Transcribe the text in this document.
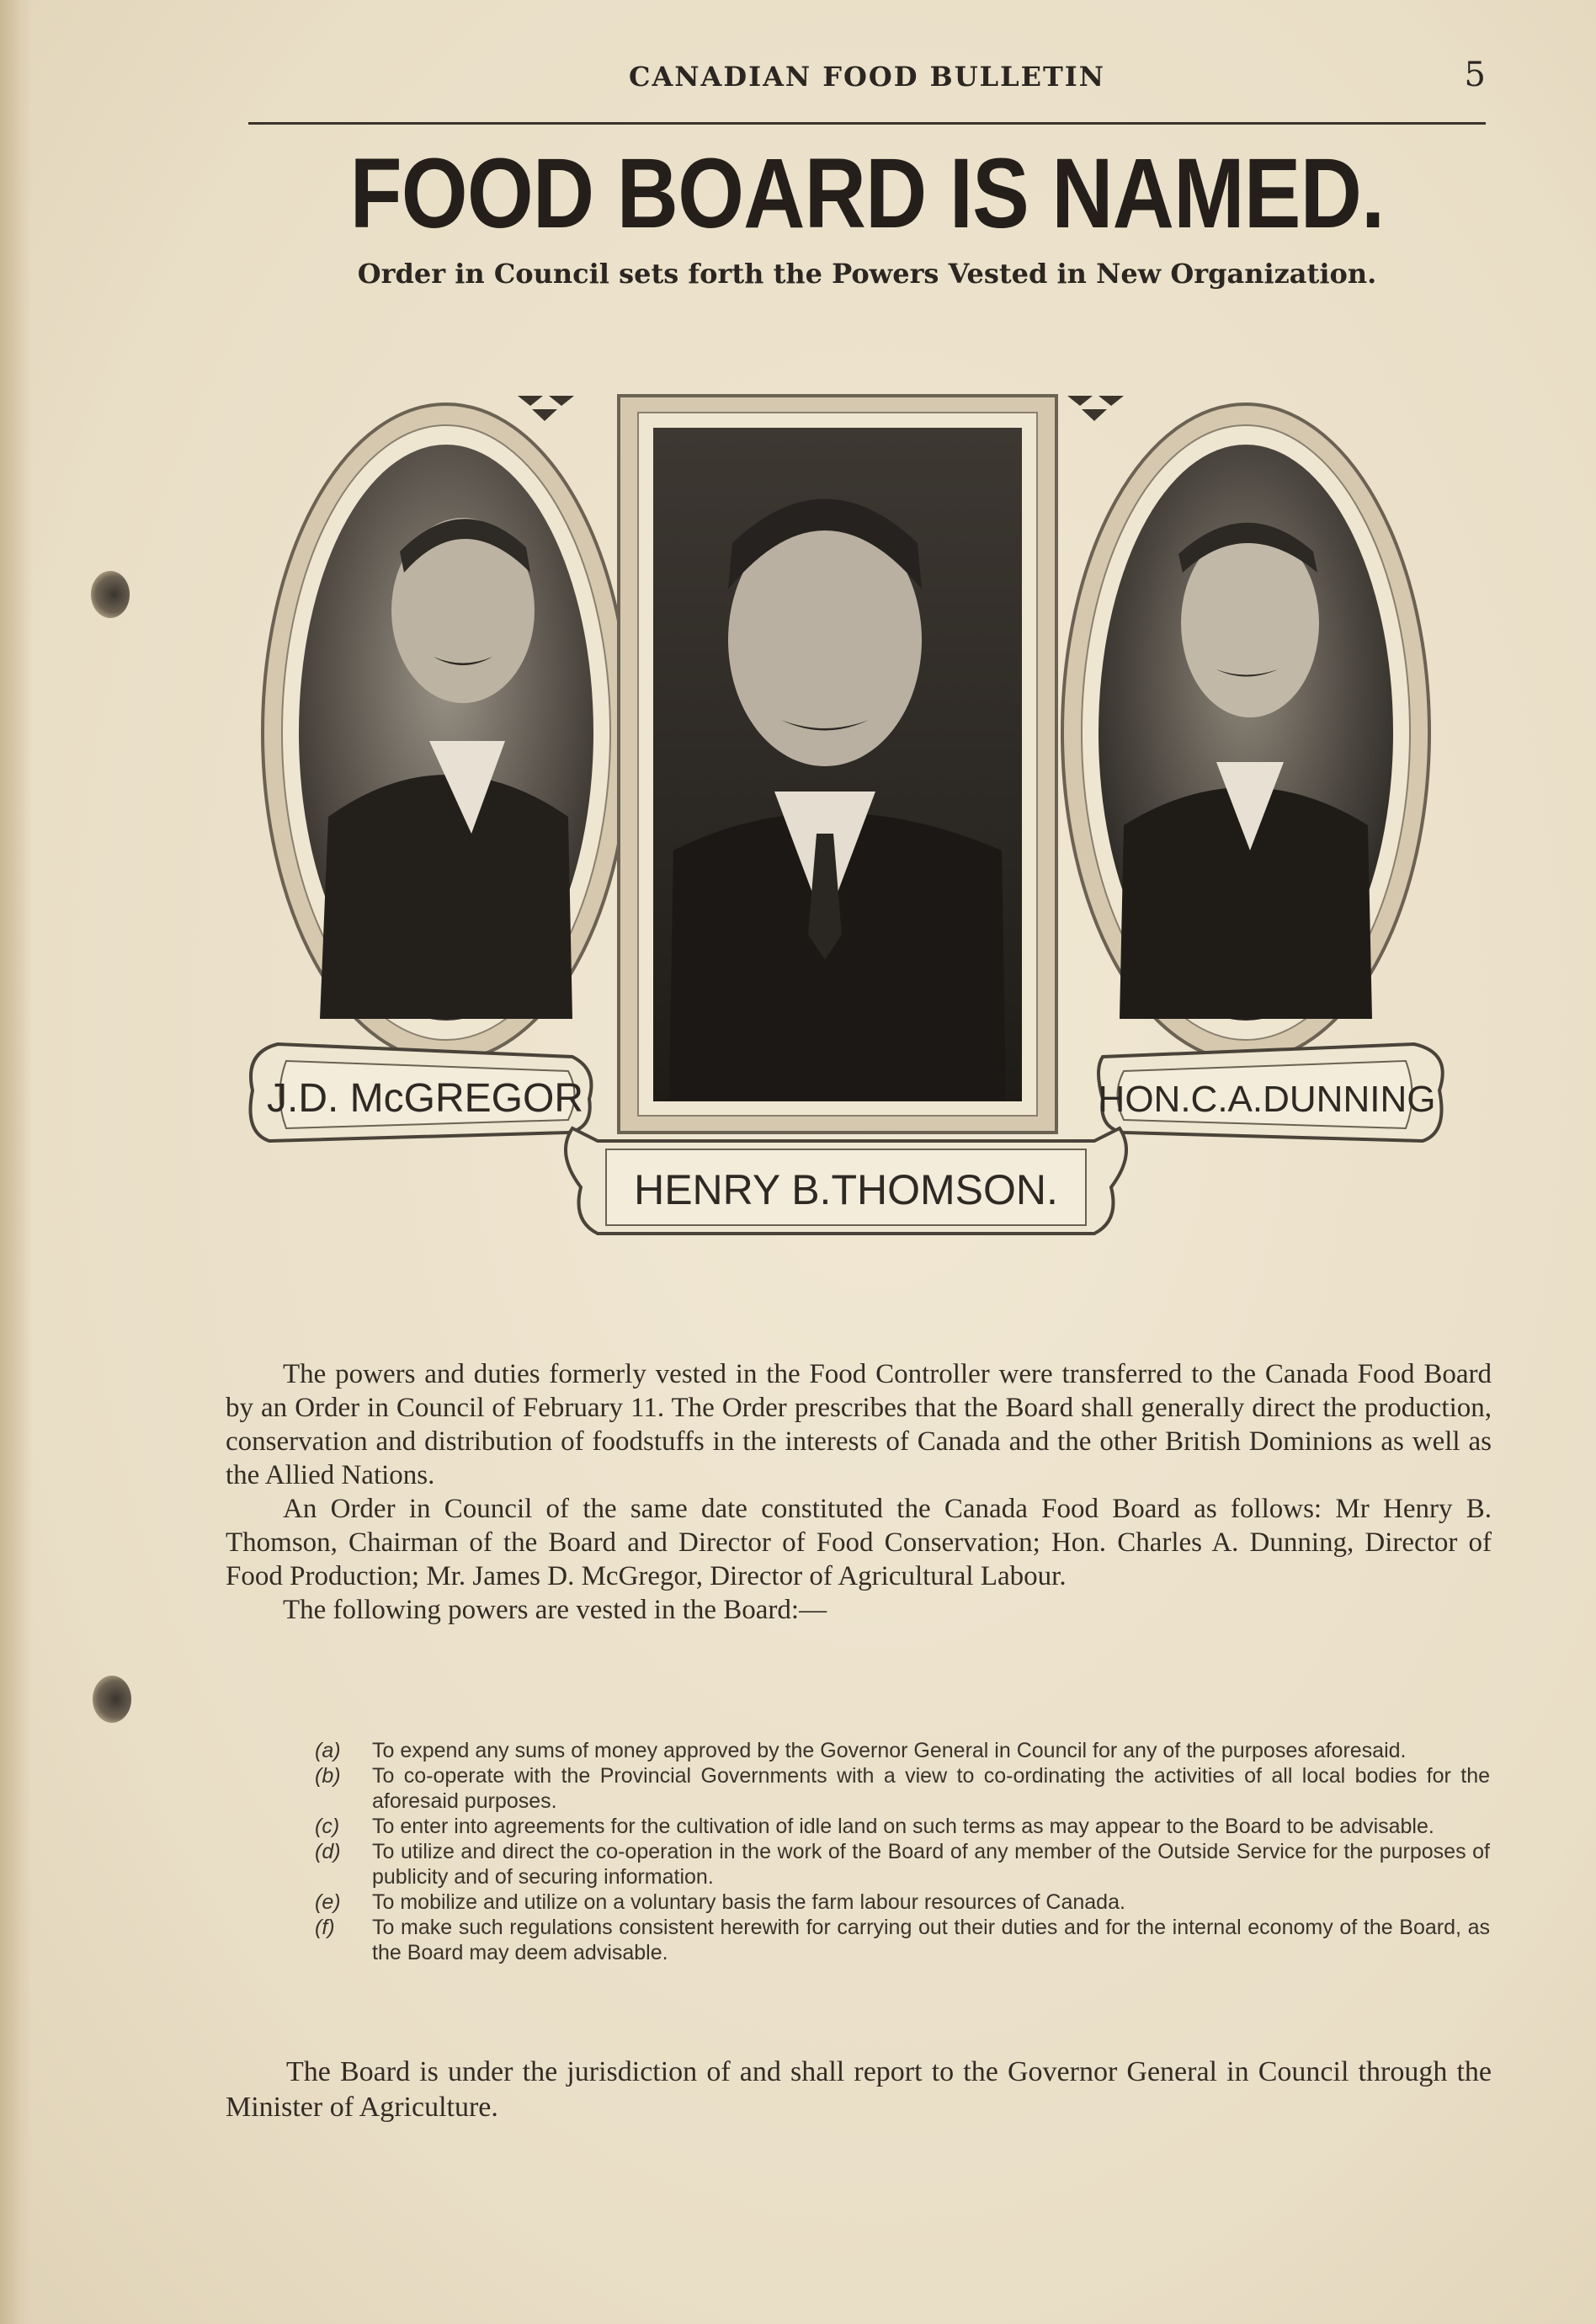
CANADIAN FOOD BULLETIN	5
FOOD BOARD IS NAMED.
Order in Council sets forth the Powers Vested in New Organization.
J.D. McGREGOR	HON.C.A.DUNNING
HENRY B.THOMSON.

The powers and duties formerly vested in the Food Controller were transferred to the Canada Food Board by an Order in Council of February 11. The Order prescribes that the Board shall generally direct the production, conservation and distribution of foodstuffs in the interests of Canada and the other British Dominions as well as the Allied Nations.

An Order in Council of the same date constituted the Canada Food Board as follows: Mr Henry B. Thomson, Chairman of the Board and Director of Food Conservation; Hon. Charles A. Dunning, Director of Food Production; Mr. James D. McGregor, Director of Agricultural Labour.

The following powers are vested in the Board:—

(a) To expend any sums of money approved by the Governor General in Council for any of the purposes aforesaid.
(b) To co-operate with the Provincial Governments with a view to co-ordinating the activities of all local bodies for the aforesaid purposes.
(c) To enter into agreements for the cultivation of idle land on such terms as may appear to the Board to be advisable.
(d) To utilize and direct the co-operation in the work of the Board of any member of the Outside Service for the purposes of publicity and of securing information.
(e) To mobilize and utilize on a voluntary basis the farm labour resources of Canada.
(f) To make such regulations consistent herewith for carrying out their duties and for the internal economy of the Board, as the Board may deem advisable.

The Board is under the jurisdiction of and shall report to the Governor General in Council through the Minister of Agriculture.
